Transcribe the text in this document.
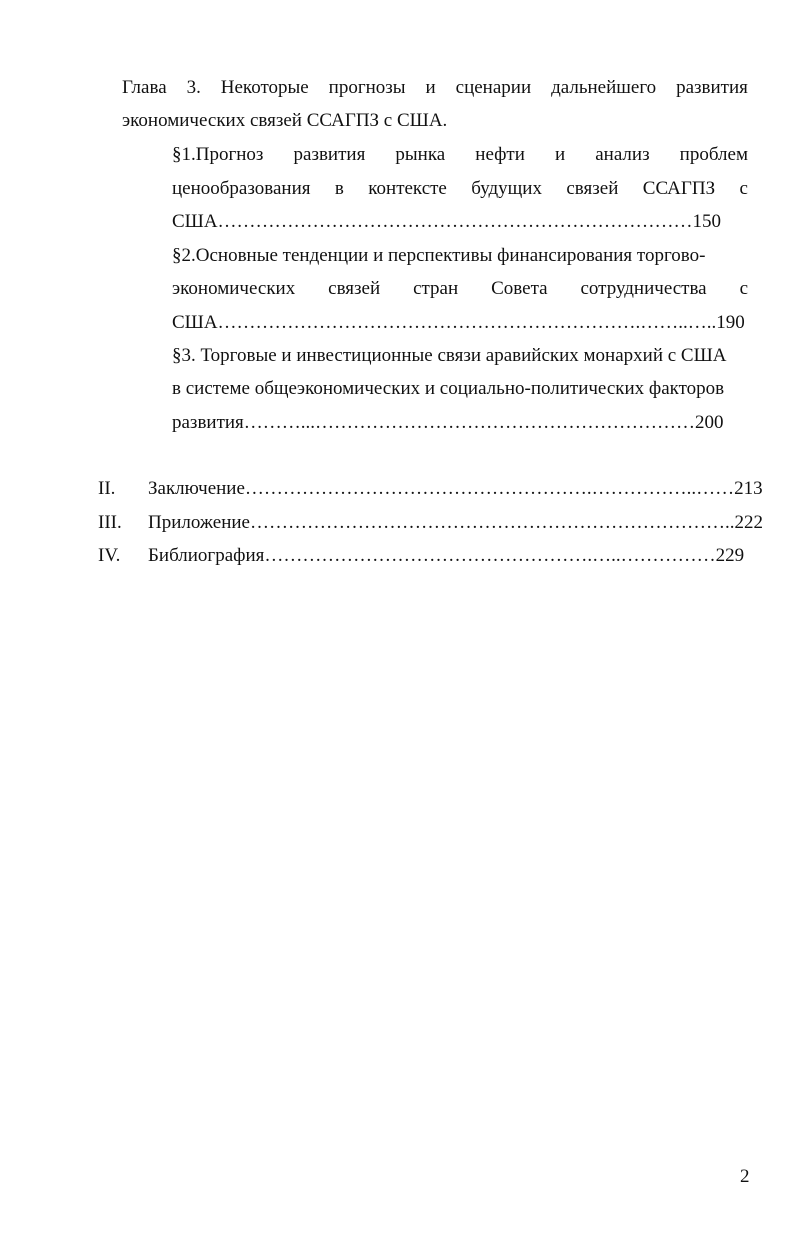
Глава 3. Некоторые прогнозы и сценарии дальнейшего развития
экономических связей ССАГПЗ с США.
§1.Прогноз развития рынка нефти и анализ проблем
ценообразования в контексте будущих связей ССАГПЗ с
США…………………………………………………………………150
§2.Основные тенденции и перспективы финансирования торгово-
экономических связей стран Совета сотрудничества с
США………………………………………………………….……..…..190
§3. Торговые и инвестиционные связи аравийских монархий с США
в системе общеэкономических и социально-политических факторов
развития………...……………………………………………………200
II.	Заключение……………………………………………….……………..……213
III.	Приложение…………………………………………………………………..222
IV.	Библиография…………………………………………….…..……………229
2
